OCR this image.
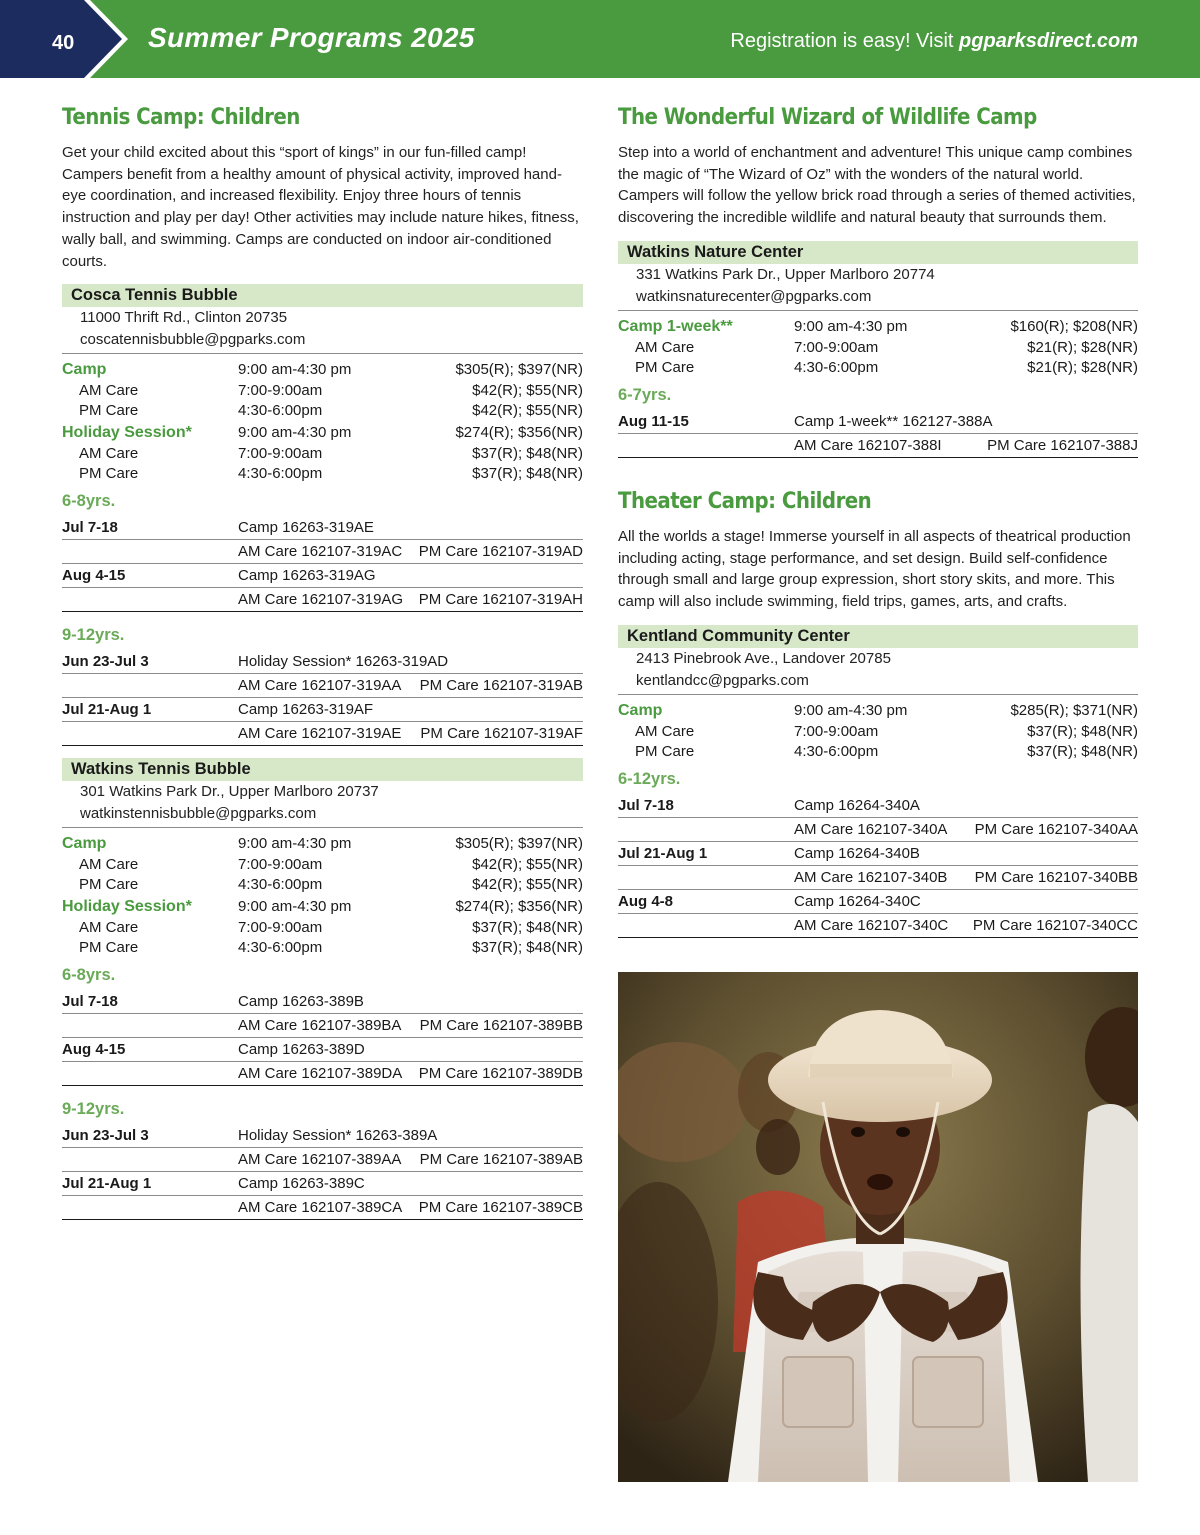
40	Summer Programs 2025	Registration is easy! Visit pgparksdirect.com
Tennis Camp: Children

Get your child excited about this “sport of kings” in our fun-filled camp! Campers benefit from a healthy amount of physical activity, improved hand-eye coordination, and increased flexibility. Enjoy three hours of tennis instruction and play per day! Other activities may include nature hikes, fitness, wally ball, and swimming. Camps are conducted on indoor air-conditioned courts.

Cosca Tennis Bubble
11000 Thrift Rd., Clinton 20735
coscatennisbubble@pgparks.com
Camp	9:00 am-4:30 pm	$305(R); $397(NR)
AM Care	7:00-9:00am	$42(R); $55(NR)
PM Care	4:30-6:00pm	$42(R); $55(NR)
Holiday Session*	9:00 am-4:30 pm	$274(R); $356(NR)
AM Care	7:00-9:00am	$37(R); $48(NR)
PM Care	4:30-6:00pm	$37(R); $48(NR)
6-8yrs.
Jul 7-18	Camp 16263-319AE
AM Care 162107-319AC	PM Care 162107-319AD
Aug 4-15	Camp 16263-319AG
AM Care 162107-319AG	PM Care 162107-319AH
9-12yrs.
Jun 23-Jul 3	Holiday Session* 16263-319AD
AM Care 162107-319AA	PM Care 162107-319AB
Jul 21-Aug 1	Camp 16263-319AF
AM Care 162107-319AE	PM Care 162107-319AF
Watkins Tennis Bubble
301 Watkins Park Dr., Upper Marlboro 20737
watkinstennisbubble@pgparks.com
Camp	9:00 am-4:30 pm	$305(R); $397(NR)
AM Care	7:00-9:00am	$42(R); $55(NR)
PM Care	4:30-6:00pm	$42(R); $55(NR)
Holiday Session*	9:00 am-4:30 pm	$274(R); $356(NR)
AM Care	7:00-9:00am	$37(R); $48(NR)
PM Care	4:30-6:00pm	$37(R); $48(NR)
6-8yrs.
Jul 7-18	Camp 16263-389B
AM Care 162107-389BA	PM Care 162107-389BB
Aug 4-15	Camp 16263-389D
AM Care 162107-389DA	PM Care 162107-389DB
9-12yrs.
Jun 23-Jul 3	Holiday Session* 16263-389A
AM Care 162107-389AA	PM Care 162107-389AB
Jul 21-Aug 1	Camp 16263-389C
AM Care 162107-389CA	PM Care 162107-389CB
The Wonderful Wizard of Wildlife Camp

Step into a world of enchantment and adventure! This unique camp combines the magic of “The Wizard of Oz” with the wonders of the natural world. Campers will follow the yellow brick road through a series of themed activities, discovering the incredible wildlife and natural beauty that surrounds them.

Watkins Nature Center
331 Watkins Park Dr., Upper Marlboro 20774
watkinsnaturecenter@pgparks.com
Camp 1-week**	9:00 am-4:30 pm	$160(R); $208(NR)
AM Care	7:00-9:00am	$21(R); $28(NR)
PM Care	4:30-6:00pm	$21(R); $28(NR)
6-7yrs.
Aug 11-15	Camp 1-week** 162127-388A
AM Care 162107-388I	PM Care 162107-388J
Theater Camp: Children

All the worlds a stage! Immerse yourself in all aspects of theatrical production including acting, stage performance, and set design. Build self-confidence through small and large group expression, short story skits, and more. This camp will also include swimming, field trips, games, arts, and crafts.

Kentland Community Center
2413 Pinebrook Ave., Landover 20785
kentlandcc@pgparks.com
Camp	9:00 am-4:30 pm	$285(R); $371(NR)
AM Care	7:00-9:00am	$37(R); $48(NR)
PM Care	4:30-6:00pm	$37(R); $48(NR)
6-12yrs.
Jul 7-18	Camp 16264-340A
AM Care 162107-340A	PM Care 162107-340AA
Jul 21-Aug 1	Camp 16264-340B
AM Care 162107-340B	PM Care 162107-340BB
Aug 4-8	Camp 16264-340C
AM Care 162107-340C	PM Care 162107-340CC
